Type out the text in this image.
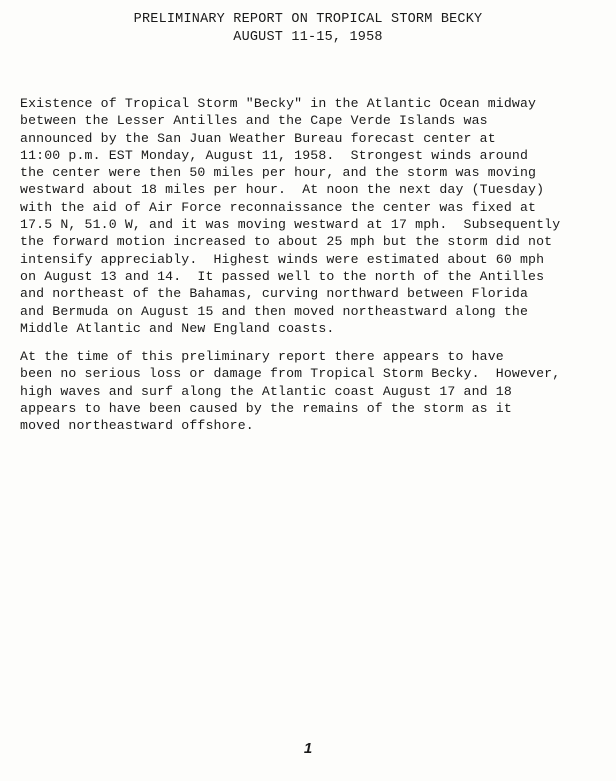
PRELIMINARY REPORT ON TROPICAL STORM BECKY
AUGUST 11-15, 1958
Existence of Tropical Storm "Becky" in the Atlantic Ocean midway
between the Lesser Antilles and the Cape Verde Islands was
announced by the San Juan Weather Bureau forecast center at
11:00 p.m. EST Monday, August 11, 1958.  Strongest winds around
the center were then 50 miles per hour, and the storm was moving
westward about 18 miles per hour.  At noon the next day (Tuesday)
with the aid of Air Force reconnaissance the center was fixed at
17.5 N, 51.0 W, and it was moving westward at 17 mph.  Subsequently
the forward motion increased to about 25 mph but the storm did not
intensify appreciably.  Highest winds were estimated about 60 mph
on August 13 and 14.  It passed well to the north of the Antilles
and northeast of the Bahamas, curving northward between Florida
and Bermuda on August 15 and then moved northeastward along the
Middle Atlantic and New England coasts.
At the time of this preliminary report there appears to have
been no serious loss or damage from Tropical Storm Becky.  However,
high waves and surf along the Atlantic coast August 17 and 18
appears to have been caused by the remains of the storm as it
moved northeastward offshore.
1
